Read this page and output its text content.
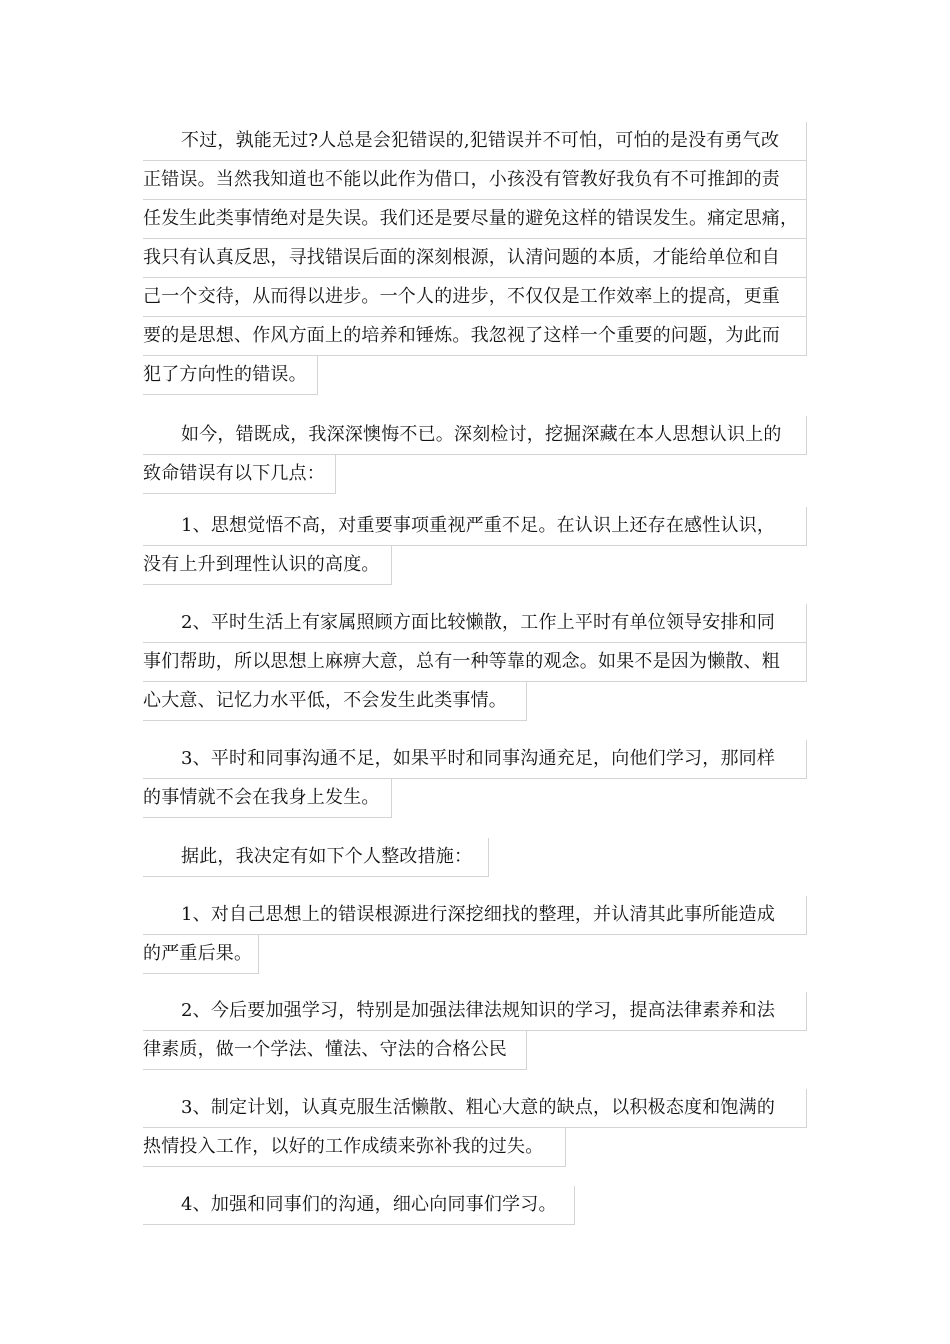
不过，孰能无过?人总是会犯错误的,犯错误并不可怕，可怕的是没有勇气改
正错误。当然我知道也不能以此作为借口，小孩没有管教好我负有不可推卸的责
任发生此类事情绝对是失误。我们还是要尽量的避免这样的错误发生。痛定思痛，
我只有认真反思，寻找错误后面的深刻根源，认清问题的本质，才能给单位和自
己一个交待，从而得以进步。一个人的进步，不仅仅是工作效率上的提高，更重
要的是思想、作风方面上的培养和锤炼。我忽视了这样一个重要的问题，为此而
犯了方向性的错误。
如今，错既成，我深深懊悔不已。深刻检讨，挖掘深藏在本人思想认识上的
致命错误有以下几点：
1、思想觉悟不高，对重要事项重视严重不足。在认识上还存在感性认识，
没有上升到理性认识的高度。
2、平时生活上有家属照顾方面比较懒散，工作上平时有单位领导安排和同
事们帮助，所以思想上麻痹大意，总有一种等靠的观念。如果不是因为懒散、粗
心大意、记忆力水平低，不会发生此类事情。
3、平时和同事沟通不足，如果平时和同事沟通充足，向他们学习，那同样
的事情就不会在我身上发生。
据此，我决定有如下个人整改措施：
1、对自己思想上的错误根源进行深挖细找的整理，并认清其此事所能造成
的严重后果。
2、今后要加强学习，特别是加强法律法规知识的学习，提高法律素养和法
律素质，做一个学法、懂法、守法的合格公民
3、制定计划，认真克服生活懒散、粗心大意的缺点，以积极态度和饱满的
热情投入工作，以好的工作成绩来弥补我的过失。
4、加强和同事们的沟通，细心向同事们学习。
